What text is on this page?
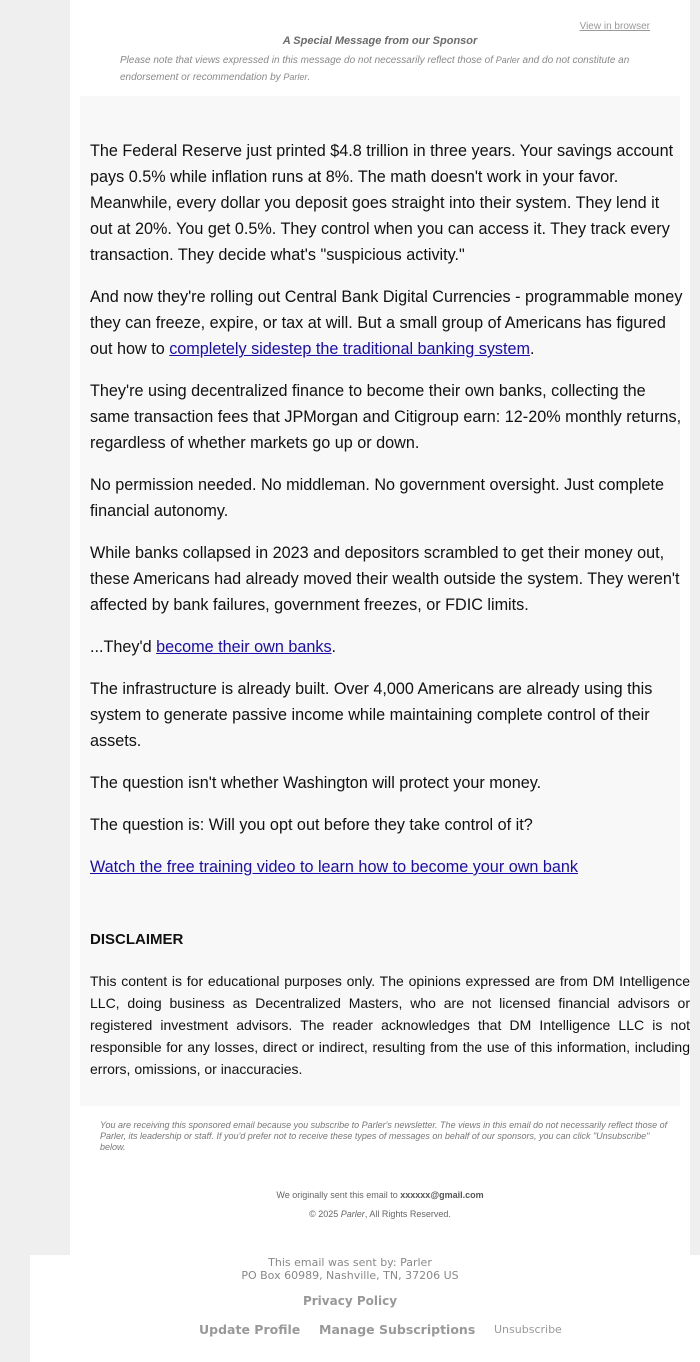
View in browser
A Special Message from our Sponsor
Please note that views expressed in this message do not necessarily reflect those of Parler and do not constitute an endorsement or recommendation by Parler.

The Federal Reserve just printed $4.8 trillion in three years. Your savings account pays 0.5% while inflation runs at 8%. The math doesn't work in your favor. Meanwhile, every dollar you deposit goes straight into their system. They lend it out at 20%. You get 0.5%. They control when you can access it. They track every transaction. They decide what's "suspicious activity."

And now they're rolling out Central Bank Digital Currencies - programmable money they can freeze, expire, or tax at will. But a small group of Americans has figured out how to completely sidestep the traditional banking system.

They're using decentralized finance to become their own banks, collecting the same transaction fees that JPMorgan and Citigroup earn: 12-20% monthly returns, regardless of whether markets go up or down.

No permission needed. No middleman. No government oversight. Just complete financial autonomy.

While banks collapsed in 2023 and depositors scrambled to get their money out, these Americans had already moved their wealth outside the system. They weren't affected by bank failures, government freezes, or FDIC limits.

...They'd become their own banks.

The infrastructure is already built. Over 4,000 Americans are already using this system to generate passive income while maintaining complete control of their assets.

The question isn't whether Washington will protect your money.

The question is: Will you opt out before they take control of it?

Watch the free training video to learn how to become your own bank
DISCLAIMER

This content is for educational purposes only. The opinions expressed are from DM Intelligence LLC, doing business as Decentralized Masters, who are not licensed financial advisors or registered investment advisors. The reader acknowledges that DM Intelligence LLC is not responsible for any losses, direct or indirect, resulting from the use of this information, including errors, omissions, or inaccuracies.

You are receiving this sponsored email because you subscribe to Parler's newsletter. The views in this email do not necessarily reflect those of Parler, its leadership or staff. If you'd prefer not to receive these types of messages on behalf of our sponsors, you can click "Unsubscribe" below.

We originally sent this email to xxxxxx@gmail.com
© 2025 Parler, All Rights Reserved.
This email was sent by: Parler
PO Box 60989, Nashville, TN, 37206 US
Privacy Policy
Update Profile Manage Subscriptions Unsubscribe
